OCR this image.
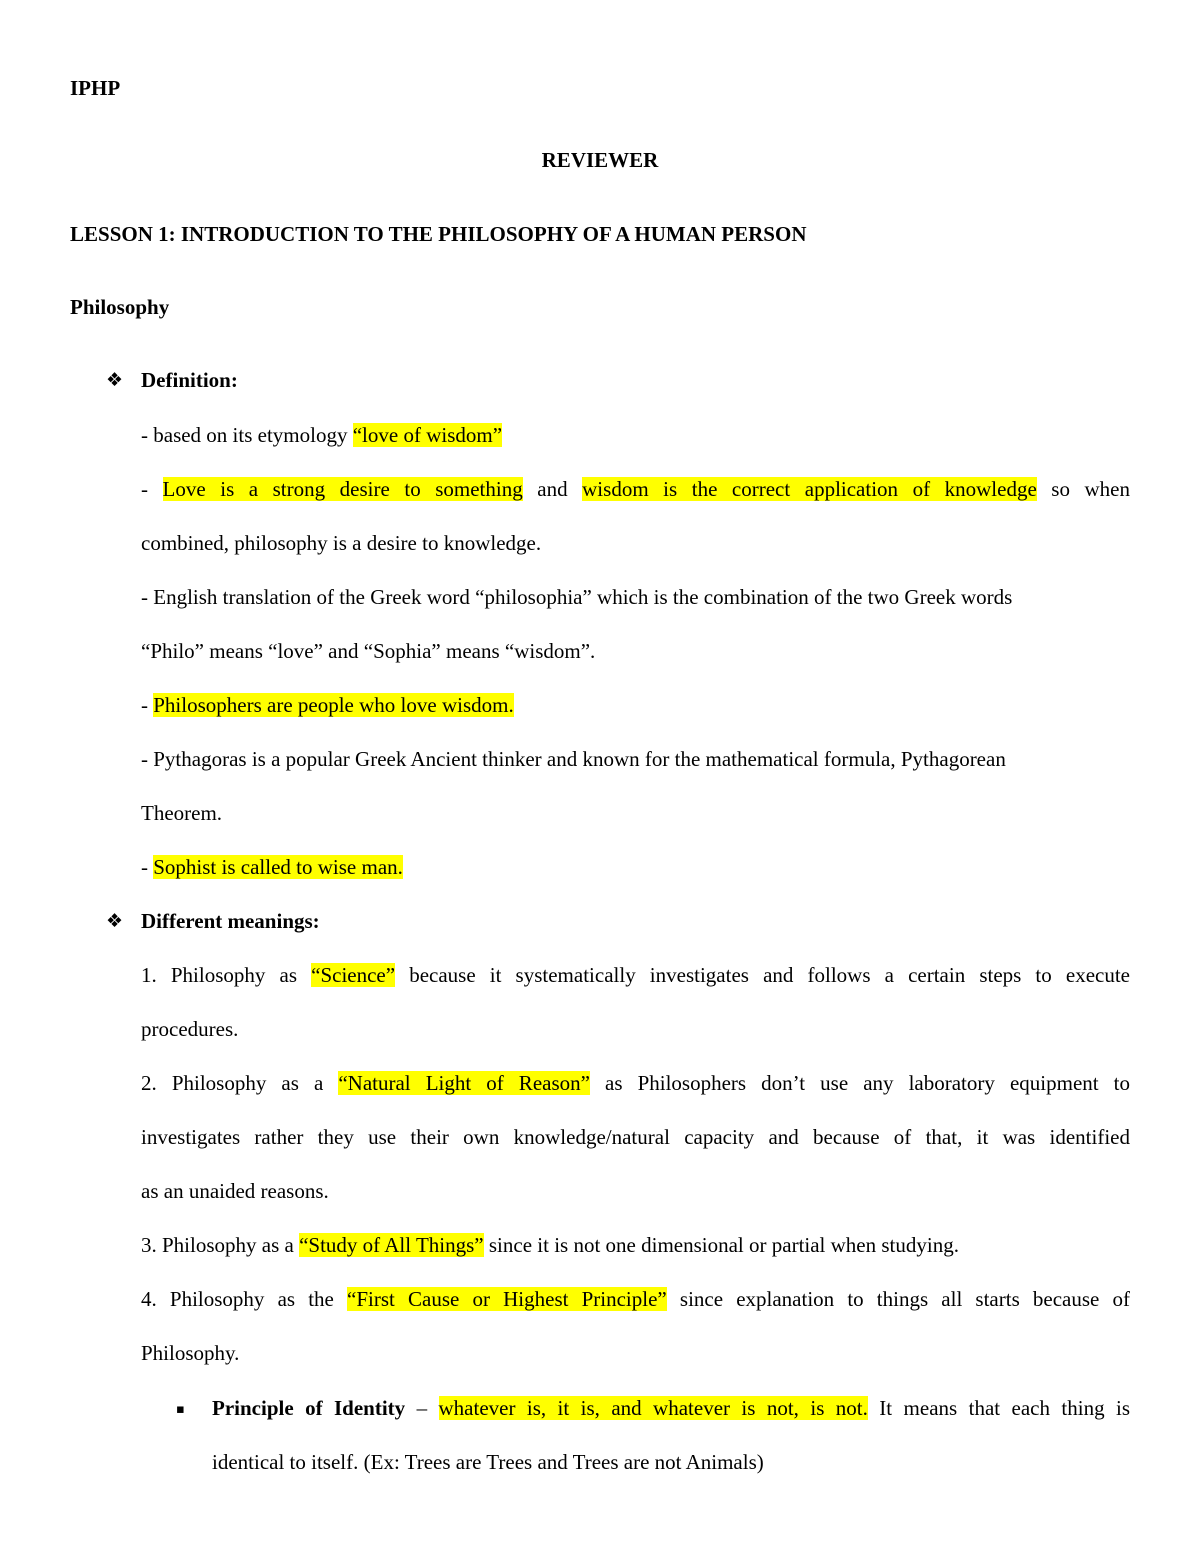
IPHP
REVIEWER
LESSON 1: INTRODUCTION TO THE PHILOSOPHY OF A HUMAN PERSON
Philosophy
❖ Definition:
- based on its etymology “love of wisdom”
- Love is a strong desire to something and wisdom is the correct application of knowledge so when
combined, philosophy is a desire to knowledge.
- English translation of the Greek word “philosophia” which is the combination of the two Greek words
“Philo” means “love” and “Sophia” means “wisdom”.
- Philosophers are people who love wisdom.
- Pythagoras is a popular Greek Ancient thinker and known for the mathematical formula, Pythagorean
Theorem.
- Sophist is called to wise man.
❖ Different meanings:
1. Philosophy as “Science” because it systematically investigates and follows a certain steps to execute
procedures.
2. Philosophy as a “Natural Light of Reason” as Philosophers don’t use any laboratory equipment to
investigates rather they use their own knowledge/natural capacity and because of that, it was identified
as an unaided reasons.
3. Philosophy as a “Study of All Things” since it is not one dimensional or partial when studying.
4. Philosophy as the “First Cause or Highest Principle” since explanation to things all starts because of
Philosophy.
▪ Principle of Identity – whatever is, it is, and whatever is not, is not. It means that each thing is
identical to itself. (Ex: Trees are Trees and Trees are not Animals)
